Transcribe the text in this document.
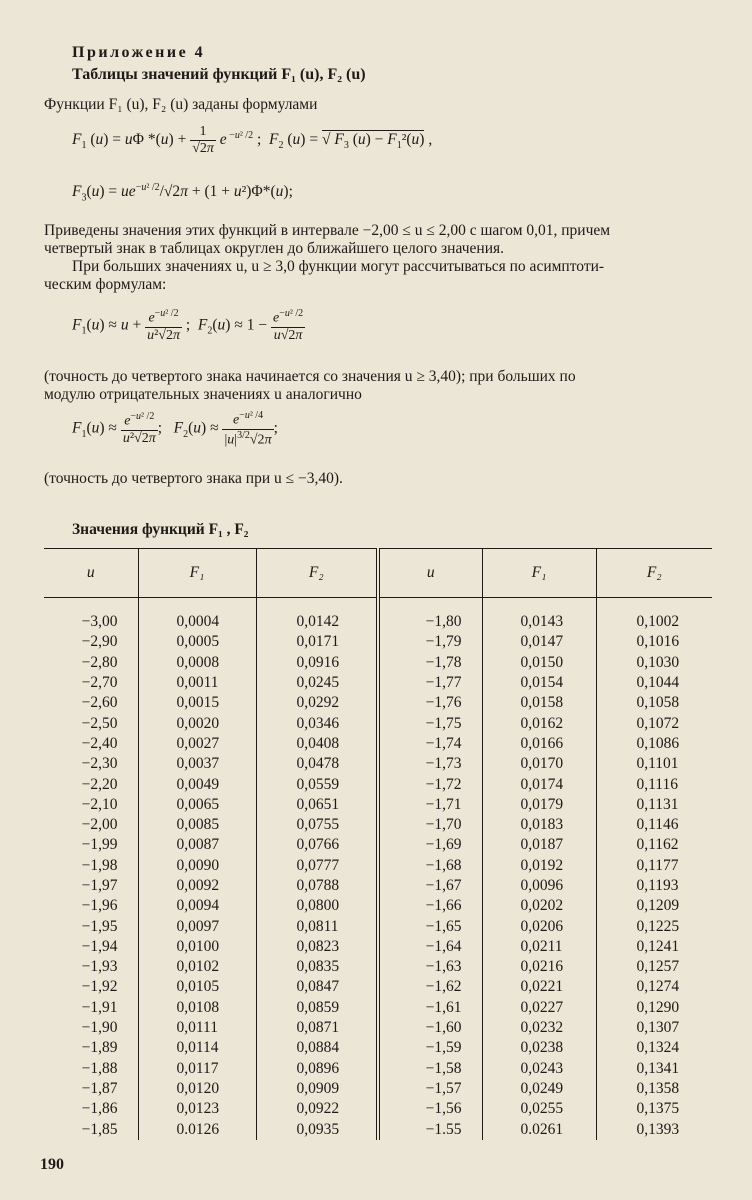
Приложение 4
Таблицы значений функций F₁ (u), F₂ (u)
Функции F₁ (u), F₂ (u) заданы формулами
$F_1$ (u) = uΦ $*(u) + \frac{1}{√2\pi}$ e $^{-u^2 /2}$ ;  $F_2$ (u) = √ $F_3$ $(u) - F_1^2(u)$ ,
$F_3(u) = ue^{-u^2 /2}/√2\pi + (1 + u^2)\Phi*(u)$;
Приведены значения этих функций в интервале −2,00 ≤ u ≤ 2,00 с шагом 0,01, причем
четвертый знак в таблицах округлен до ближайшего целого значения.
При больших значениях u, u ≥ 3,0 функции могут рассчитываться по асимптоти-
ческим формулам:
$F_1(u) \approx u + \frac{e^{-u^2 /2}}{\text{u²√2π}}$ ;  $F_2(u) \approx 1 - \frac{e^{-u^2 /2}}{u√2\pi}$
(точность до четвертого знака начинается со значения u ≥ 3,40); при больших по
модулю отрицательных значениях u аналогично
$F_1(u) \approx \frac{e^{-u^2 /2}}{\text{u²√2π}}$ ;   $F_2(u) \approx \frac{e^{-u^2 /4}}{|u|^{3/2}√2\pi}$ ;
(точность до четвертого знака при u ≤ −3,40).
Значения функций F₁ , F₂
u	F₁	F₂	u	F₁	F₂
−3,00	0,0004	0,0142	−1,80	0,0143	0,1002
−2,90	0,0005	0,0171	−1,79	0,0147	0,1016
−2,80	0,0008	0,0916	−1,78	0,0150	0,1030
−2,70	0,0011	0,0245	−1,77	0,0154	0,1044
−2,60	0,0015	0,0292	−1,76	0,0158	0,1058
−2,50	0,0020	0,0346	−1,75	0,0162	0,1072
−2,40	0,0027	0,0408	−1,74	0,0166	0,1086
−2,30	0,0037	0,0478	−1,73	0,0170	0,1101
−2,20	0,0049	0,0559	−1,72	0,0174	0,1116
−2,10	0,0065	0,0651	−1,71	0,0179	0,1131
−2,00	0,0085	0,0755	−1,70	0,0183	0,1146
−1,99	0,0087	0,0766	−1,69	0,0187	0,1162
−1,98	0,0090	0,0777	−1,68	0,0192	0,1177
−1,97	0,0092	0,0788	−1,67	0,0096	0,1193
−1,96	0,0094	0,0800	−1,66	0,0202	0,1209
−1,95	0,0097	0,0811	−1,65	0,0206	0,1225
−1,94	0,0100	0,0823	−1,64	0,0211	0,1241
−1,93	0,0102	0,0835	−1,63	0,0216	0,1257
−1,92	0,0105	0,0847	−1,62	0,0221	0,1274
−1,91	0,0108	0,0859	−1,61	0,0227	0,1290
−1,90	0,0111	0,0871	−1,60	0,0232	0,1307
−1,89	0,0114	0,0884	−1,59	0,0238	0,1324
−1,88	0,0117	0,0896	−1,58	0,0243	0,1341
−1,87	0,0120	0,0909	−1,57	0,0249	0,1358
−1,86	0,0123	0,0922	−1,56	0,0255	0,1375
−1,85	0.0126	0,0935	−1.55	0.0261	0,1393
190
